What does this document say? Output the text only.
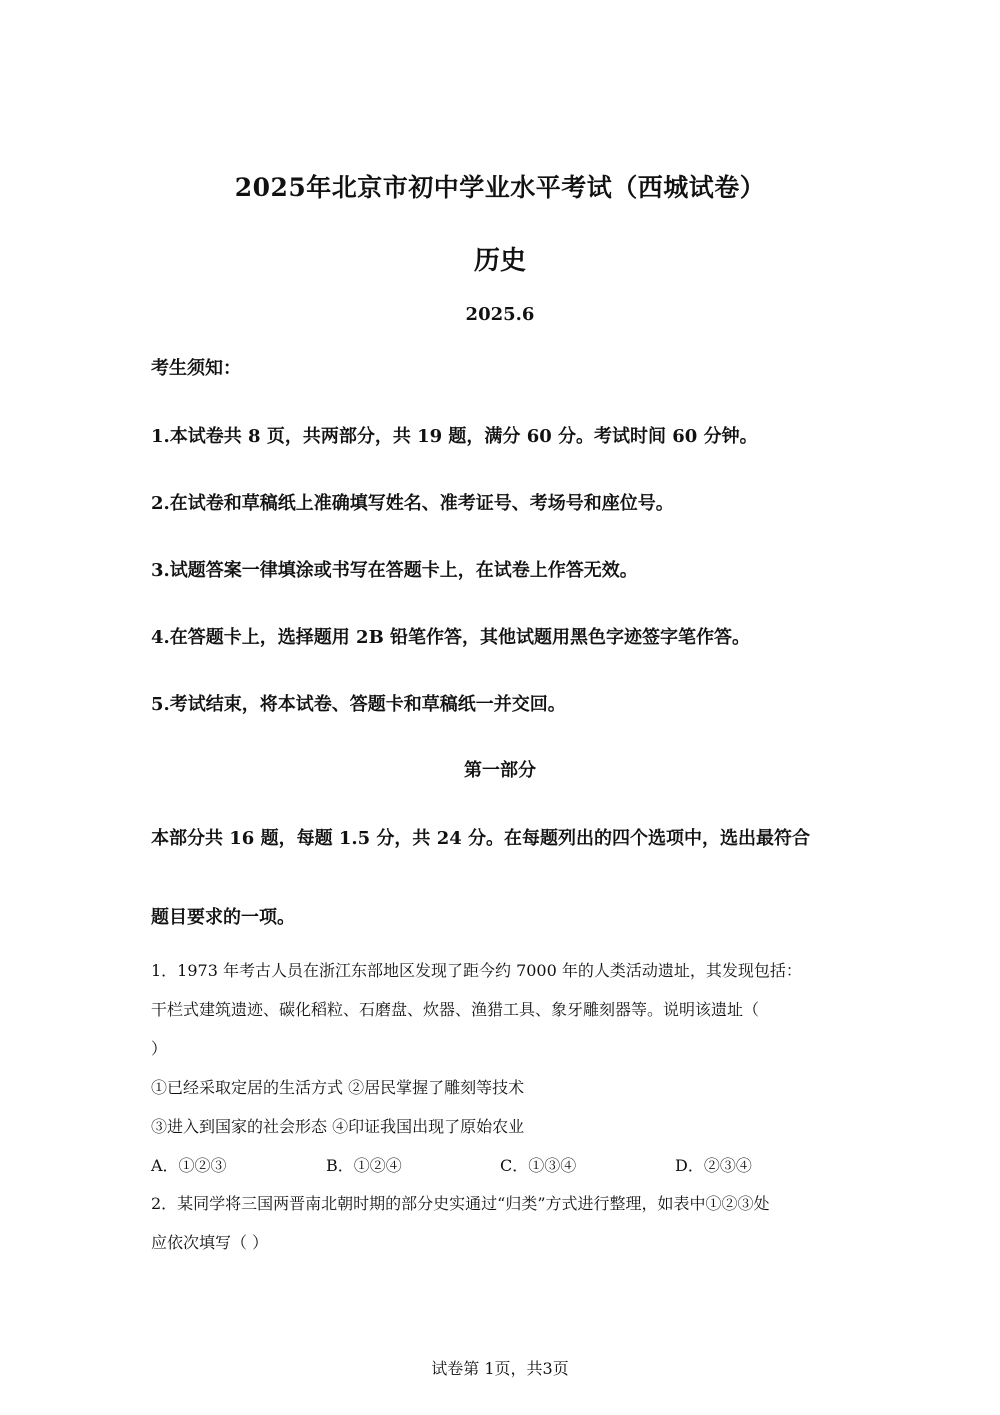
2025年北京市初中学业水平考试（西城试卷）
历史
2025.6
考生须知：
1.本试卷共 8 页，共两部分，共 19 题，满分 60 分。考试时间 60 分钟。
2.在试卷和草稿纸上准确填写姓名、准考证号、考场号和座位号。
3.试题答案一律填涂或书写在答题卡上，在试卷上作答无效。
4.在答题卡上，选择题用 2B 铅笔作答，其他试题用黑色字迹签字笔作答。
5.考试结束，将本试卷、答题卡和草稿纸一并交回。
第一部分
本部分共 16 题，每题 1.5 分，共 24 分。在每题列出的四个选项中，选出最符合
题目要求的一项。
1．1973 年考古人员在浙江东部地区发现了距今约 7000 年的人类活动遗址，其发现包括：
干栏式建筑遗迹、碳化稻粒、石磨盘、炊器、渔猎工具、象牙雕刻器等。说明该遗址（
）
①已经采取定居的生活方式 ②居民掌握了雕刻等技术
③进入到国家的社会形态 ④印证我国出现了原始农业
A．①②③	B．①②④	C．①③④	D．②③④
2．某同学将三国两晋南北朝时期的部分史实通过“归类”方式进行整理，如表中①②③处
应依次填写（ ）
试卷第 1页，共3页
